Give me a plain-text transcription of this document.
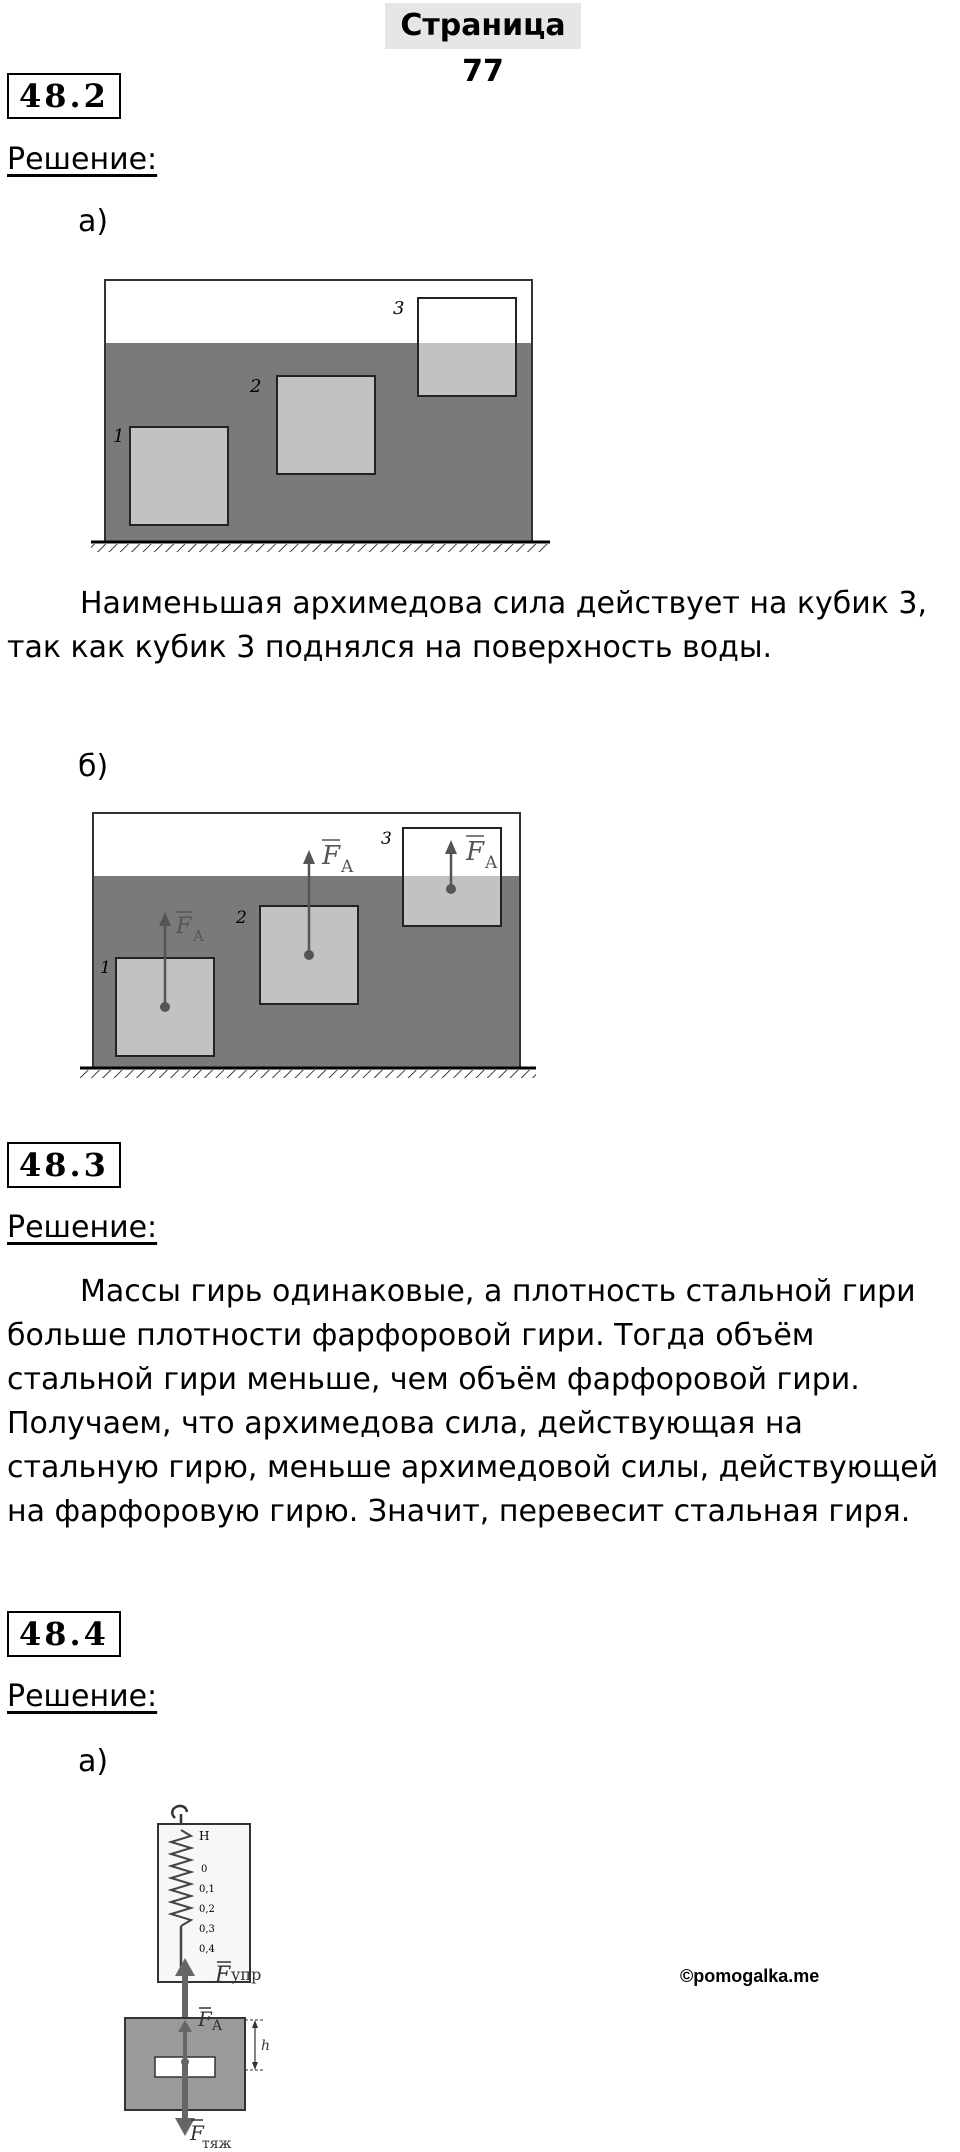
Страница 77
48.2
Решение:
а)
1
2
3

Наименьшая архимедова сила действует на кубик 3, так как кубик 3 поднялся на поверхность воды.

б)
1
2
3
F A
F A	F A
48.3
Решение:

Массы гирь одинаковые, а плотность стальной гири больше плотности фарфоровой гири. Тогда объём стальной гири меньше, чем объём фарфоровой гири. Получаем, что архимедова сила, действующая на стальную гирю, меньше архимедовой силы, действующей на фарфоровую гирю. Значит, перевесит стальная гиря.

48.4
Решение:
а)
Н
0
0,1
0,2
0,3
0,4
F упр
F A
h
F
тяж
©pomogalka.me
